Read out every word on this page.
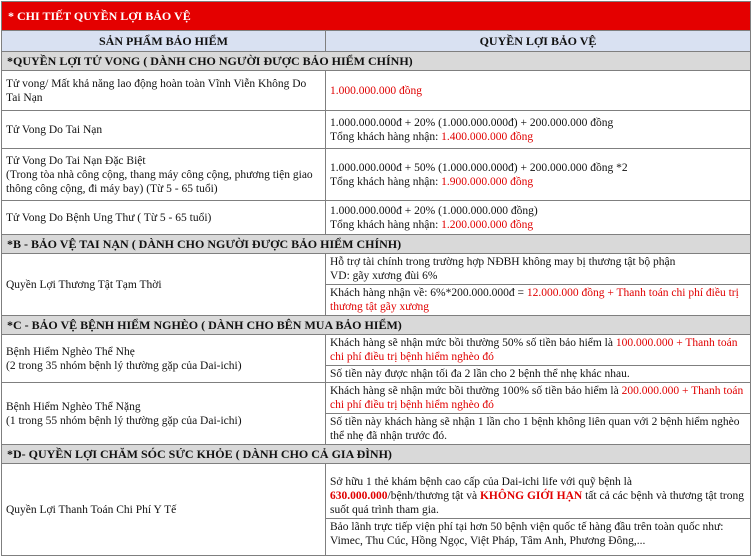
* CHI TIẾT QUYỀN LỢI BẢO VỆ	
SẢN PHẨM BẢO HIỂM	QUYỀN LỢI BẢO VỆ
*QUYỀN LỢI TỬ VONG ( DÀNH CHO NGƯỜI ĐƯỢC BẢO HIỂM CHÍNH)	
Tử vong/ Mất khả năng lao động hoàn toàn Vĩnh Viễn Không Do Tai Nạn	1.000.000.000 đồng
Tử Vong Do Tai Nạn	1.000.000.000đ + 20% (1.000.000.000đ) + 200.000.000 đồng
Tổng khách hàng nhận: 1.400.000.000 đồng

Tử Vong Do Tai Nạn Đặc Biệt
(Trong tòa nhà công cộng, thang máy công cộng, phương tiện giao thông công cộng, đi máy bay) (Từ 5 - 65 tuổi)	1.000.000.000đ + 50% (1.000.000.000đ) + 200.000.000 đồng *2
Tổng khách hàng nhận: 1.900.000.000 đồng

Tử Vong Do Bệnh Ung Thư ( Từ 5 - 65 tuổi)	1.000.000.000đ + 20% (1.000.000.000 đồng)
Tổng khách hàng nhận: 1.200.000.000 đồng

*B - BẢO VỆ TAI NẠN ( DÀNH CHO NGƯỜI ĐƯỢC BẢO HIỂM CHÍNH)	
Quyền Lợi Thương Tật Tạm Thời	Hỗ trợ tài chính trong trường hợp NĐBH không may bị thương tật bộ phận
VD: gãy xương đùi 6%
Khách hàng nhận về: 6%*200.000.000đ = 12.000.000 đồng + Thanh toán chi phí điều trị thương tật gãy xương

*C - BẢO VỆ BỆNH HIỂM NGHÈO ( DÀNH CHO BÊN MUA BẢO HIỂM)	

Bệnh Hiểm Nghèo Thể Nhẹ
(2 trong 35 nhóm bệnh lý thường gặp của Dai-ichi)	Khách hàng sẽ nhận mức bồi thường 50% số tiền bảo hiểm là 100.000.000 + Thanh toán chi phí điều trị bệnh hiểm nghèo đó
Số tiền này được nhận tối đa 2 lần cho 2 bệnh thể nhẹ khác nhau.

Bệnh Hiểm Nghèo Thể Nặng
(1 trong 55 nhóm bệnh lý thường gặp của Dai-ichi)	Khách hàng sẽ nhận mức bồi thường 100% số tiền bảo hiểm là 200.000.000 + Thanh toán chi phí điều trị bệnh hiểm nghèo đó
Số tiền này khách hàng sẽ nhận 1 lần cho 1 bệnh không liên quan với 2 bệnh hiểm nghèo thể nhẹ đã nhận trước đó.

*D- QUYỀN LỢI CHĂM SÓC SỨC KHỎE ( DÀNH CHO CẢ GIA ĐÌNH)	
Quyền Lợi Thanh Toán Chi Phí Y Tế	Sở hữu 1 thẻ khám bệnh cao cấp của Dai-ichi life với quỹ bệnh là 630.000.000/bệnh/thương tật và KHÔNG GIỚI HẠN tất cả các bệnh và thương tật trong suốt quá trình tham gia.
Bảo lãnh trực tiếp viện phí tại hơn 50 bệnh viện quốc tế hàng đầu trên toàn quốc như: Vimec, Thu Cúc, Hồng Ngọc, Việt Pháp, Tâm Anh, Phương Đông,...
